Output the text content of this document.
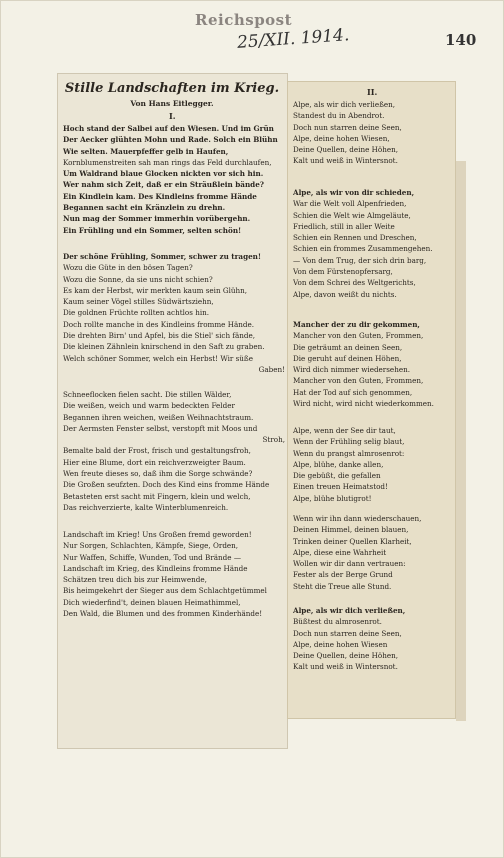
Reichspost
25/XII. 1914.	140
Stille Landschaften im Krieg.
Von Hans Eitlegger.
I.
II.
Hoch stand der Salbei auf den Wiesen. Und im Grün
Der Aecker glühten Mohn und Rade. Solch ein Blühn
Wie selten. Mauerpfeffer gelb in Haufen,
Kornblumenstreiten sah man rings das Feld durchlaufen,
Um Waldrand blaue Glocken nickten vor sich hin.
Wer nahm sich Zeit, daß er ein Sträußlein bände?
Ein Kindlein kam. Des Kindleins fromme Hände
Begannen sacht ein Kränzlein zu drehn.
Nun mag der Sommer immerhin vorübergehn.
Ein Frühling und ein Sommer, selten schön!
Der schöne Frühling, Sommer, schwer zu tragen!
Wozu die Güte in den bösen Tagen?
Wozu die Sonne, da sie uns nicht schien?
Es kam der Herbst, wir merkten kaum sein Glühn,
Kaum seiner Vögel stilles Südwärtsziehn,
Die goldnen Früchte rollten achtlos hin.
Doch rollte manche in des Kindleins fromme Hände.
Die drehten Birn' und Apfel, bis die Stiel' sich fände,
Die kleinen Zähnlein knirschend in den Saft zu graben.
Welch schöner Sommer, welch ein Herbst! Wir süße
Gaben!
Schneeflocken fielen sacht. Die stillen Wälder,
Die weißen, weich und warm bedeckten Felder
Begannen ihren weichen, weißen Weihnachtstraum.
Der Aermsten Fenster selbst, verstopft mit Moos und
Stroh,
Bemalte bald der Frost, frisch und gestaltungsfroh,
Hier eine Blume, dort ein reichverzweigter Baum.
Wen freute dieses so, daß ihm die Sorge schwände?
Die Großen seufzten. Doch des Kind eins fromme Hände
Betasteten erst sacht mit Fingern, klein und welch,
Das reichverzierte, kalte Winterblumenreich.
Landschaft im Krieg! Uns Großen fremd geworden!
Nur Sorgen, Schlachten, Kämpfe, Siege, Orden,
Nur Waffen, Schiffe, Wunden, Tod und Brände —
Landschaft im Krieg, des Kindleins fromme Hände
Schätzen treu dich bis zur Heimwende,
Bis heimgekehrt der Sieger aus dem Schlachtgetümmel
Dich wiederfind't, deinen blauen Heimathimmel,
Den Wald, die Blumen und des frommen Kinderhände!
Alpe, als wir dich verließen,
Standest du in Abendrot.
Doch nun starren deine Seen,
Alpe, deine hohen Wiesen,
Deine Quellen, deine Höhen,
Kalt und weiß in Wintersnot.
Alpe, als wir von dir schieden,
War die Welt voll Alpenfrieden,
Schien die Welt wie Almgeläute,
Friedlich, still in aller Weite
Schien ein Rennen und Dreschen,
Schien ein frommes Zusammengehen.
— Von dem Trug, der sich drin barg,
Von dem Fürstenopfersarg,
Von dem Schrei des Weltgerichts,
Alpe, davon weißt du nichts.
Mancher der zu dir gekommen,
Mancher von den Guten, Frommen,
Die geträumt an deinen Seen,
Die geruht auf deinen Höhen,
Wird dich nimmer wiedersehen.
Mancher von den Guten, Frommen,
Hat der Tod auf sich genommen,
Wird nicht, wird nicht wiederkommen.
Alpe, wenn der See dir taut,
Wenn der Frühling selig blaut,
Wenn du prangst almrosenrot:
Alpe, blühe, danke allen,
Die gebüßt, die gefallen
Einen treuen Heimatstod!
Alpe, blühe blutigrot!
Wenn wir ihn dann wiederschauen,
Deinen Himmel, deinen blauen,
Trinken deiner Quellen Klarheit,
Alpe, diese eine Wahrheit
Wollen wir dir dann vertrauen:
Fester als der Berge Grund
Steht die Treue alle Stund.
Alpe, als wir dich verließen,
Büßtest du almrosenrot.
Doch nun starren deine Seen,
Alpe, deine hohen Wiesen
Deine Quellen, deine Höhen,
Kalt und weiß in Wintersnot.
